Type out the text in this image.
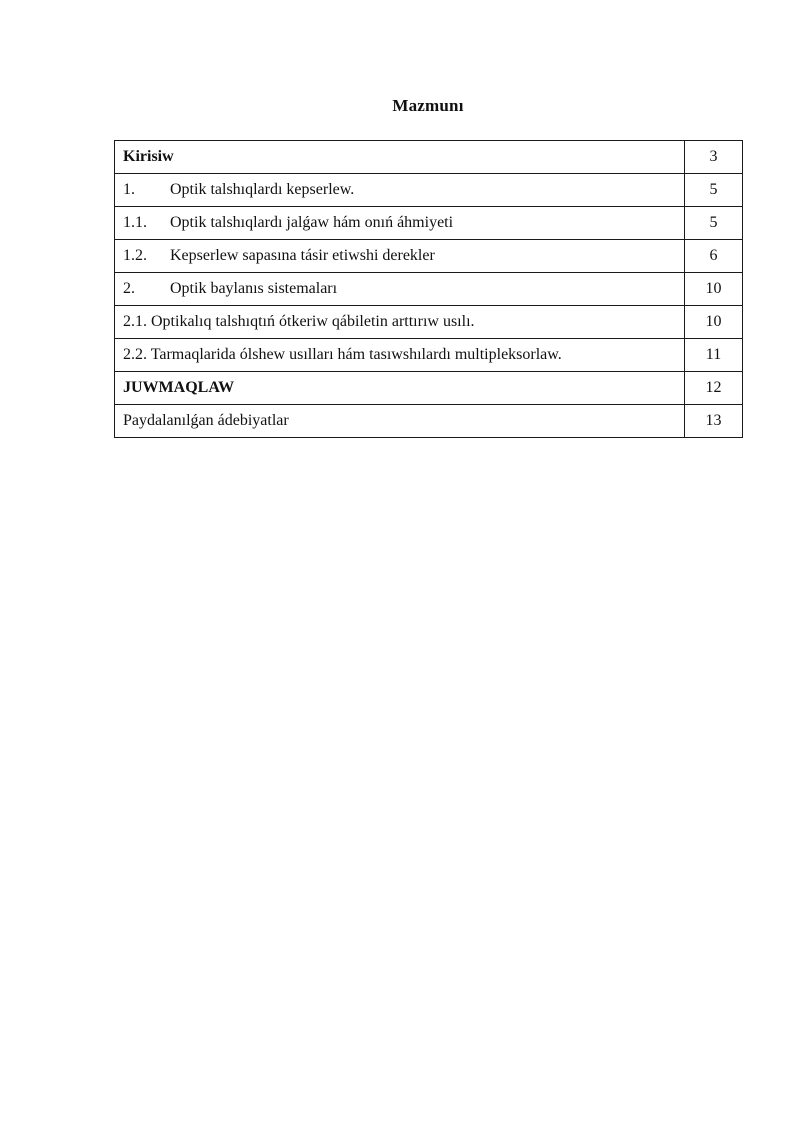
Mazmunı
Kirisiw	3
1. Optik talshıqlardı kepserlew.	5
1.1. Optik talshıqlardı jalǵaw hám onıń áhmiyeti	5
1.2. Kepserlew sapasına tásir etiwshi derekler	6
2. Optik baylanıs sistemaları	10
2.1. Optikalıq talshıqtıń ótkeriw qábiletin arttırıw usılı.	10
2.2. Tarmaqlarida ólshew usılları hám tasıwshılardı multipleksorlaw.	11
JUWMAQLAW	12
Paydalanılǵan ádebiyatlar	13
